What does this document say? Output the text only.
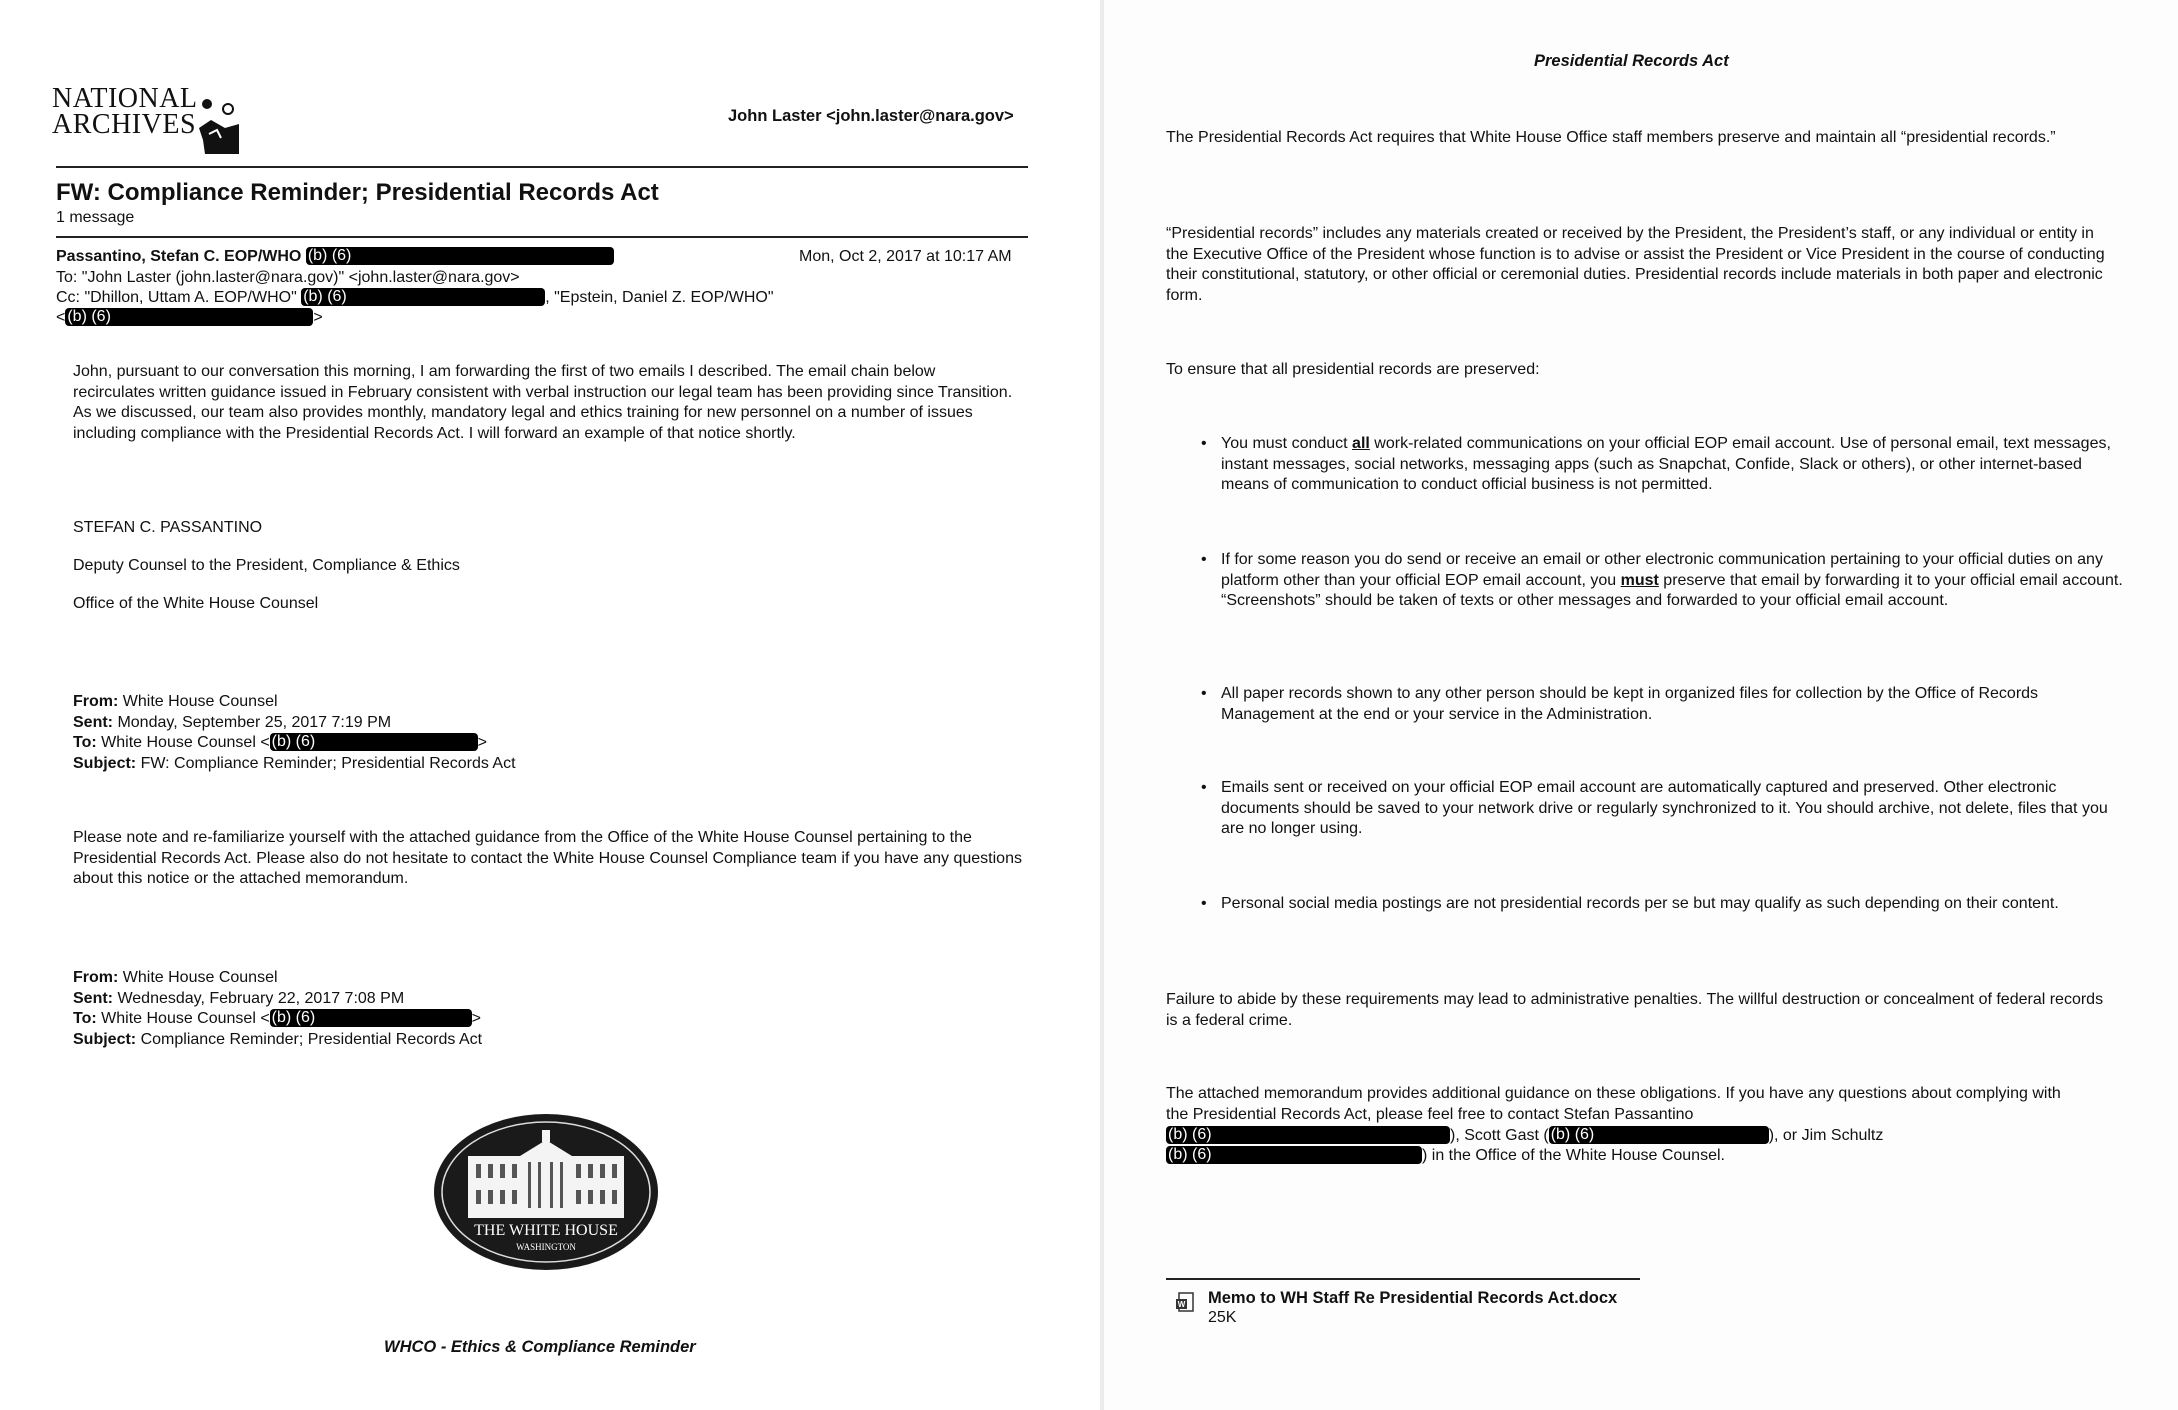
NATIONAL
ARCHIVES	John Laster <john.laster@nara.gov>
FW: Compliance Reminder; Presidential Records Act
1 message
Passantino, Stefan C. EOP/WHO (b) (6)	Mon, Oct 2, 2017 at 10:17 AM
To: "John Laster (john.laster@nara.gov)" <john.laster@nara.gov>
Cc: "Dhillon, Uttam A. EOP/WHO" (b) (6)	, "Epstein, Daniel Z. EOP/WHO"
< (b) (6)	>
John, pursuant to our conversation this morning, I am forwarding the first of two emails I described. The email chain below recirculates written guidance issued in February consistent with verbal instruction our legal team has been providing since Transition. As we discussed, our team also provides monthly, mandatory legal and ethics training for new personnel on a number of issues including compliance with the Presidential Records Act. I will forward an example of that notice shortly.
STEFAN C. PASSANTINO
Deputy Counsel to the President, Compliance & Ethics
Office of the White House Counsel
From: White House Counsel
Sent: Monday, September 25, 2017 7:19 PM
To: White House Counsel < (b) (6)	>
Subject: FW: Compliance Reminder; Presidential Records Act
Please note and re-familiarize yourself with the attached guidance from the Office of the White House Counsel pertaining to the Presidential Records Act. Please also do not hesitate to contact the White House Counsel Compliance team if you have any questions about this notice or the attached memorandum.
From: White House Counsel
Sent: Wednesday, February 22, 2017 7:08 PM
To: White House Counsel < (b) (6)	>
Subject: Compliance Reminder; Presidential Records Act
THE WHITE HOUSE
WASHINGTON
WHCO - Ethics & Compliance Reminder
Presidential Records Act
The Presidential Records Act requires that White House Office staff members preserve and maintain all “presidential records.”
“Presidential records” includes any materials created or received by the President, the President’s staff, or any individual or entity in the Executive Office of the President whose function is to advise or assist the President or Vice President in the course of conducting their constitutional, statutory, or other official or ceremonial duties. Presidential records include materials in both paper and electronic form.
To ensure that all presidential records are preserved:
• You must conduct all work-related communications on your official EOP email account. Use of personal email, text messages, instant messages, social networks, messaging apps (such as Snapchat, Confide, Slack or others), or other internet-based means of communication to conduct official business is not permitted.
• If for some reason you do send or receive an email or other electronic communication pertaining to your official duties on any platform other than your official EOP email account, you must preserve that email by forwarding it to your official email account. “Screenshots” should be taken of texts or other messages and forwarded to your official email account.
• All paper records shown to any other person should be kept in organized files for collection by the Office of Records Management at the end or your service in the Administration.
• Emails sent or received on your official EOP email account are automatically captured and preserved. Other electronic documents should be saved to your network drive or regularly synchronized to it. You should archive, not delete, files that you are no longer using.
• Personal social media postings are not presidential records per se but may qualify as such depending on their content.
Failure to abide by these requirements may lead to administrative penalties. The willful destruction or concealment of federal records is a federal crime.
The attached memorandum provides additional guidance on these obligations. If you have any questions about complying with the Presidential Records Act, please feel free to contact Stefan Passantino
(b) (6)	), Scott Gast ( (b) (6)	), or Jim Schultz
(b) (6)	) in the Office of the White House Counsel.
W Memo to WH Staff Re Presidential Records Act.docx
25K
